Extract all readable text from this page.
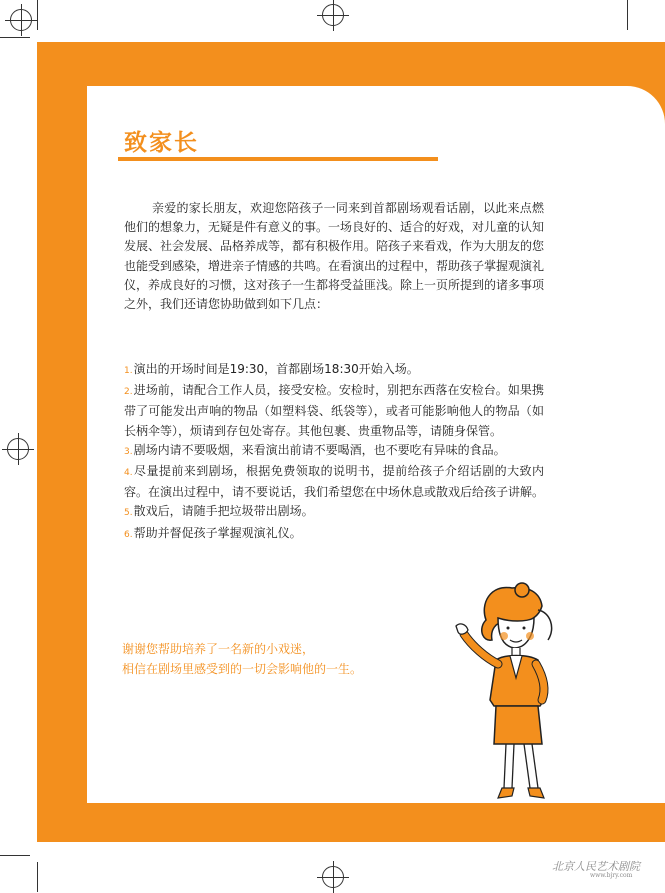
致家长

亲爱的家长朋友，欢迎您陪孩子一同来到首都剧场观看话剧，以此来点燃他们的想象力，无疑是件有意义的事。一场良好的、适合的好戏，对儿童的认知发展、社会发展、品格养成等，都有积极作用。陪孩子来看戏，作为大朋友的您也能受到感染，增进亲子情感的共鸣。在看演出的过程中，帮助孩子掌握观演礼仪，养成良好的习惯，这对孩子一生都将受益匪浅。除上一页所提到的诸多事项之外，我们还请您协助做到如下几点：

1.演出的开场时间是19:30，首都剧场18:30开始入场。
2.进场前，请配合工作人员，接受安检。安检时，别把东西落在安检台。如果携带了可能发出声响的物品（如塑料袋、纸袋等），或者可能影响他人的物品（如长柄伞等），烦请到存包处寄存。其他包裹、贵重物品等，请随身保管。
3.剧场内请不要吸烟，来看演出前请不要喝酒，也不要吃有异味的食品。
4.尽量提前来到剧场，根据免费领取的说明书，提前给孩子介绍话剧的大致内容。在演出过程中，请不要说话，我们希望您在中场休息或散戏后给孩子讲解。
5.散戏后，请随手把垃圾带出剧场。
6.帮助并督促孩子掌握观演礼仪。
谢谢您帮助培养了一名新的小戏迷，
相信在剧场里感受到的一切会影响他的一生。
北京人民艺术剧院
www.bjry.com
